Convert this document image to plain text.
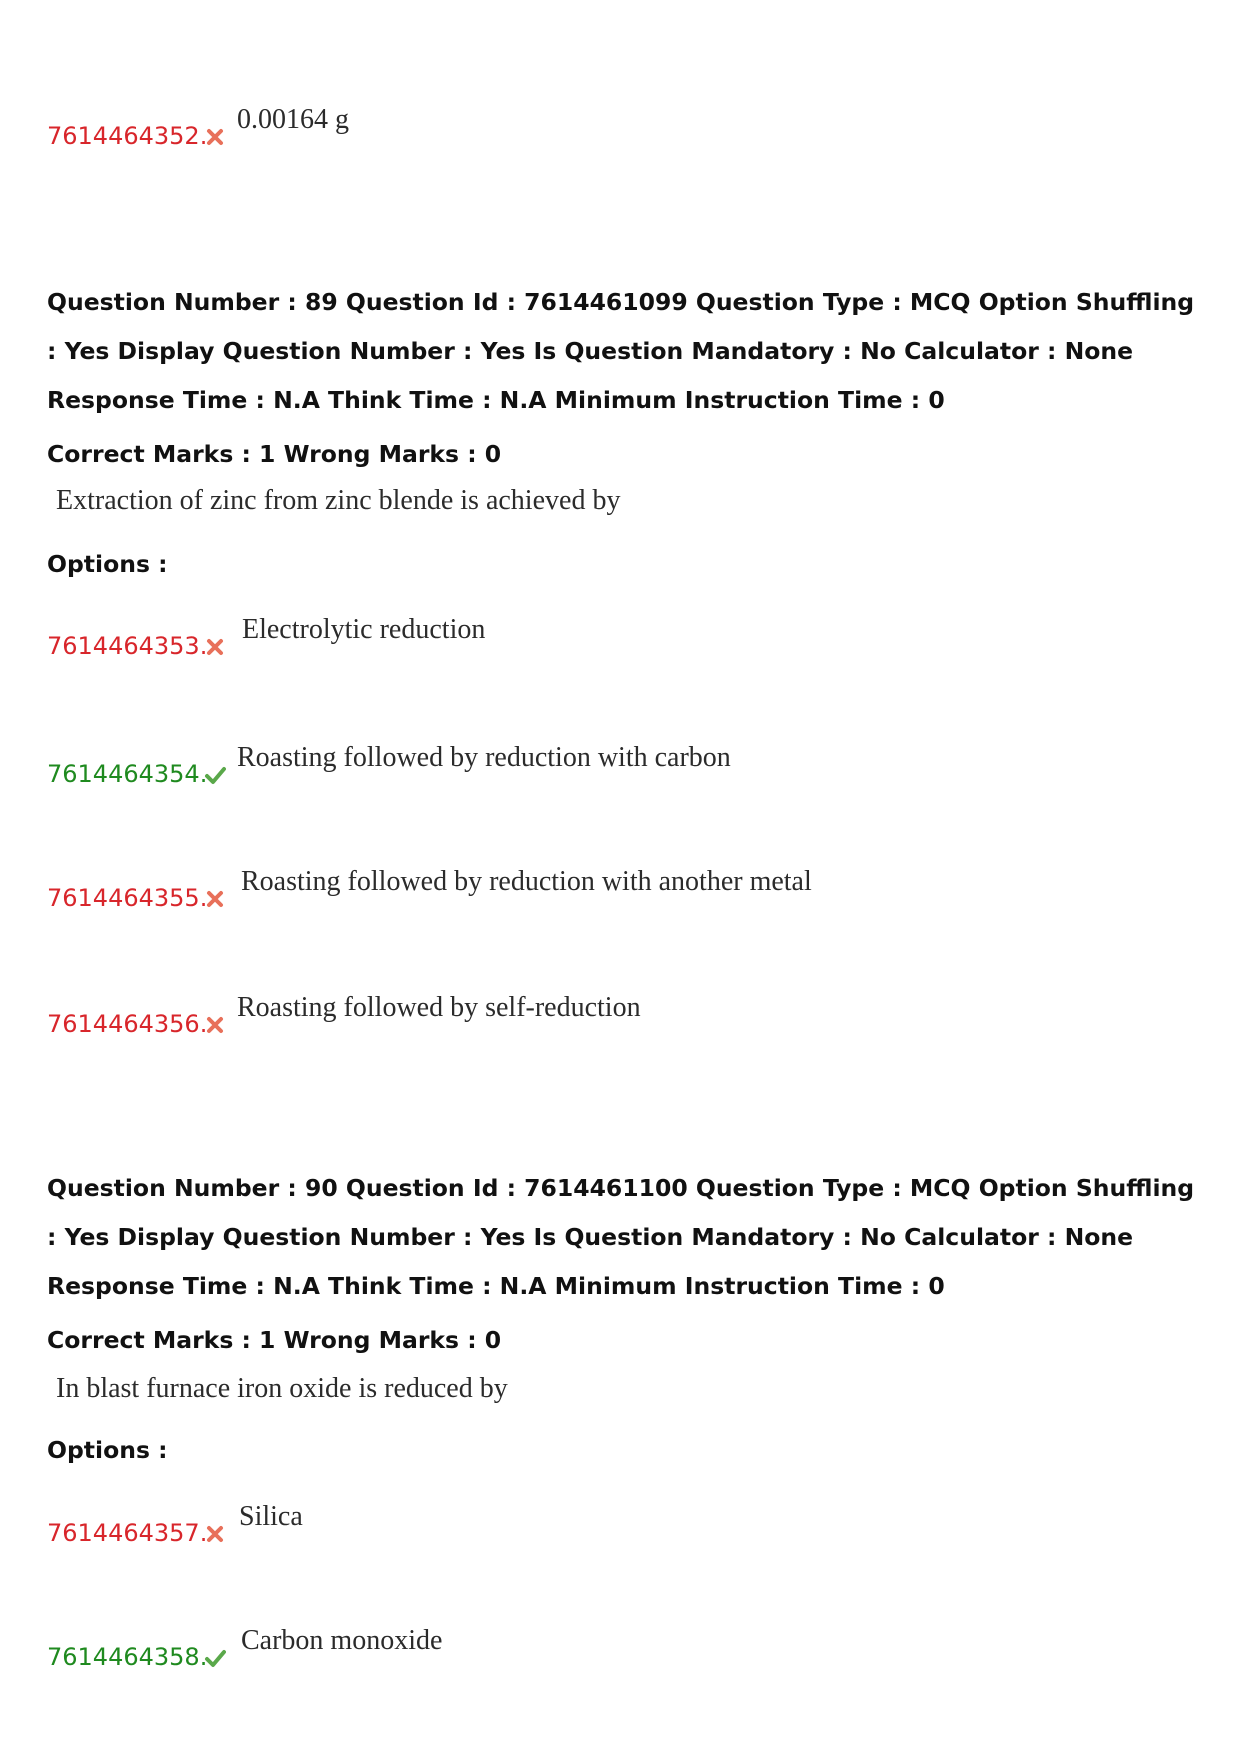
7614464352.
0.00164 g
Question Number : 89 Question Id : 7614461099 Question Type : MCQ Option Shuffling : Yes Display Question Number : Yes Is Question Mandatory : No Calculator : None Response Time : N.A Think Time : N.A Minimum Instruction Time : 0
Correct Marks : 1 Wrong Marks : 0
Extraction of zinc from zinc blende is achieved by
Options :
7614464353.
Electrolytic reduction
7614464354.
Roasting followed by reduction with carbon
7614464355.
Roasting followed by reduction with another metal
7614464356.
Roasting followed by self-reduction
Question Number : 90 Question Id : 7614461100 Question Type : MCQ Option Shuffling : Yes Display Question Number : Yes Is Question Mandatory : No Calculator : None Response Time : N.A Think Time : N.A Minimum Instruction Time : 0
Correct Marks : 1 Wrong Marks : 0
In blast furnace iron oxide is reduced by
Options :
7614464357.
Silica
7614464358.
Carbon monoxide
